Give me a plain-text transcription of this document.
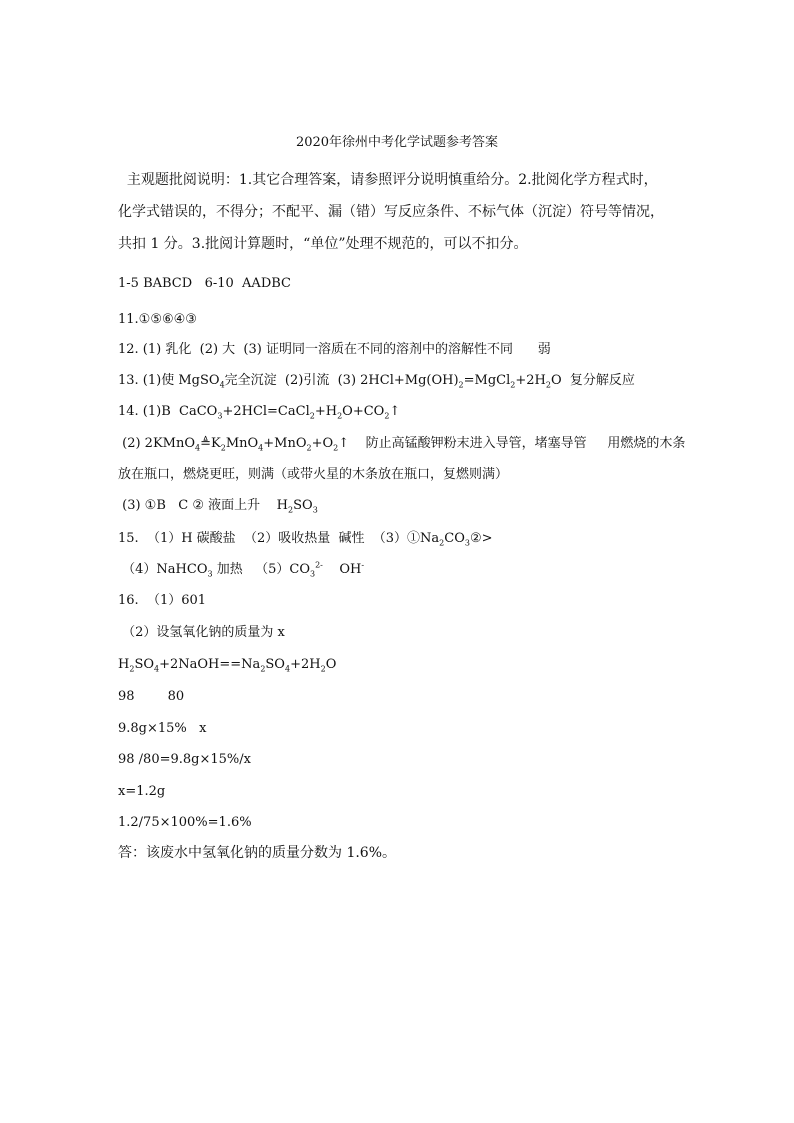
2020年徐州中考化学试题参考答案
主观题批阅说明：1.其它合理答案，请参照评分说明慎重给分。2.批阅化学方程式时，
化学式错误的，不得分；不配平、漏（错）写反应条件、不标气体（沉淀）符号等情况，
共扣 1 分。3.批阅计算题时，“单位”处理不规范的，可以不扣分。
1-5 BABCD   6-10  AADBC
11.①⑤⑥④③
12. (1) 乳化  (2) 大  (3) 证明同一溶质在不同的溶剂中的溶解性不同      弱
13. (1)使 MgSO$_4$完全沉淀  (2)引流  (3) $2HCl+Mg(OH)_2=MgCl_2+2H_2O$  复分解反应
14. (1)B  $CaCO_3+2HCl=CaCl_2+H_2O+CO_2↑$
(2) $2KMnO_4≜K_2MnO_4+MnO_2+O_2↑$    防止高锰酸钾粉末进入导管，堵塞导管     用燃烧的木条
放在瓶口，燃烧更旺，则满（或带火星的木条放在瓶口，复燃则满）
(3) ①B   C ② 液面上升    $H_2SO_3$
15.  （1）H 碳酸盐  （2）吸收热量  碱性  $(3)①Na_2CO_3②>$
（4）NaHCO$_3$ 加热   $(5)CO_3^{2-}$    OH-
16.  （1）601
（2）设氢氧化钠的质量为 x
$H_2SO_4+2NaOH==Na_2SO_4+2H_2O$
98        80
9.8g×15%   x
98 /80=9.8g×15%/x
x=1.2g
1.2/75×100%=1.6%
答：该废水中氢氧化钠的质量分数为 1.6%。
